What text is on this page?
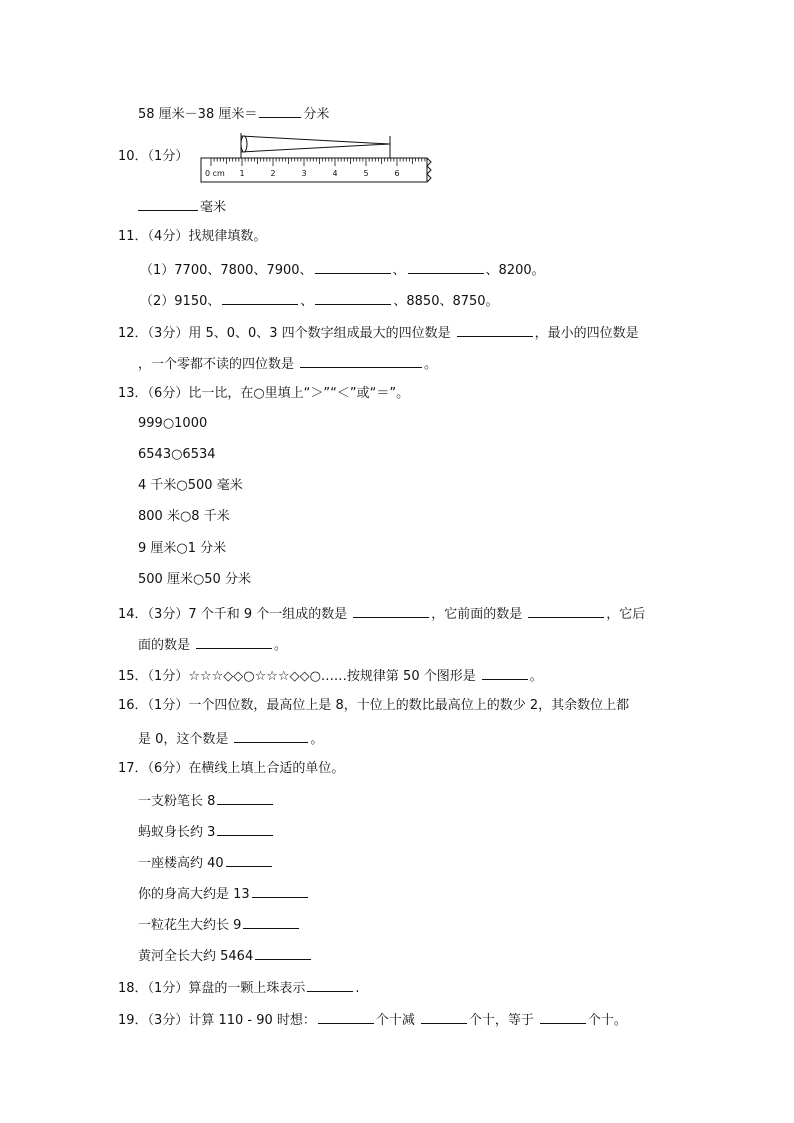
58 厘米－38 厘米＝	分米
10．（1分）
0 cm 1	2	3	4	5	6
毫米
11．（4分）找规律填数。
（1）7700、7800、7900、	、	、8200。
（2）9150、	、	、8850、8750。
12．（3分）用 5、0、0、3 四个数字组成最大的四位数是	，最小的四位数是
，一个零都不读的四位数是	。
13．（6分）比一比，在○里填上“＞”“＜”或“＝”。
999○1000
6543○6534
4 千米○500 毫米
800 米○8 千米
9 厘米○1 分米
500 厘米○50 分米
14．（3分）7 个千和 9 个一组成的数是	，它前面的数是	，它后
面的数是	。
15．（1分）☆☆☆◇◇○☆☆☆◇◇○……按规律第 50 个图形是	。
16．（1分）一个四位数，最高位上是 8，十位上的数比最高位上的数少 2，其余数位上都
是 0，这个数是	。
17．（6分）在横线上填上合适的单位。
一支粉笔长 8
蚂蚁身长约 3
一座楼高约 40
你的身高大约是 13
一粒花生大约长 9
黄河全长大约 5464
18．（1分）算盘的一颗上珠表示	.
19．（3分）计算 110 - 90 时想：	个十减	个十，等于	个十。
